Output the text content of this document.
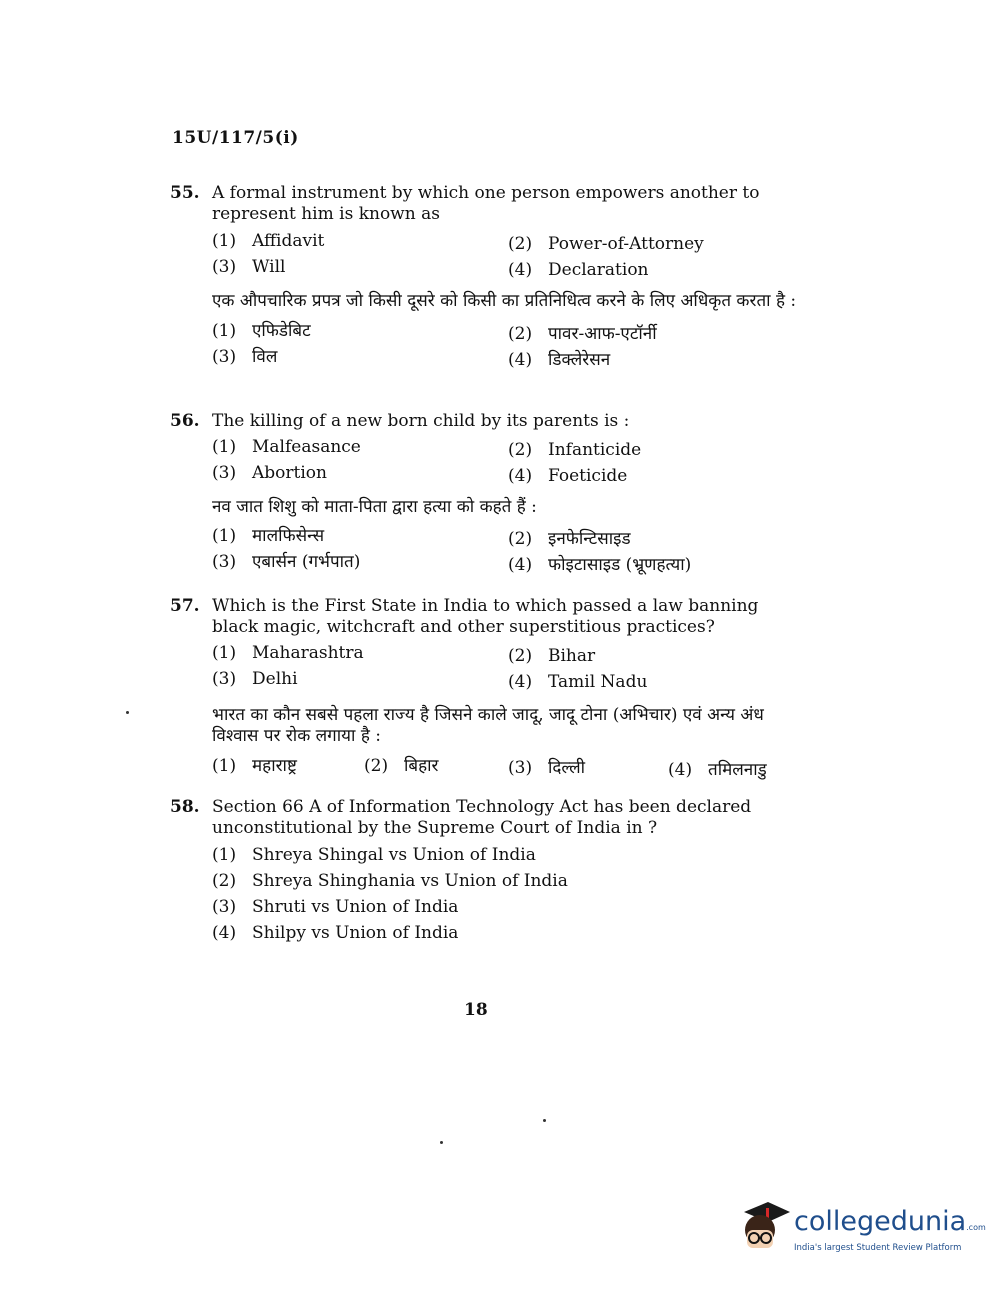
15U/117/5(i)
55. A formal instrument by which one person empowers another to represent him is known as
(1) Affidavit	(2) Power-of-Attorney
(3) Will	(4) Declaration
एक औपचारिक प्रपत्र जो किसी दूसरे को किसी का प्रतिनिधित्व करने के लिए अधिकृत करता है :
(1) एफिडेबिट	(2) पावर-आफ-एटॉर्नी
(3) विल	(4) डिक्लेरेसन
56. The killing of a new born child by its parents is :
(1) Malfeasance	(2) Infanticide
(3) Abortion	(4) Foeticide
नव जात शिशु को माता-पिता द्वारा हत्या को कहते हैं :
(1) मालफिसेन्स	(2) इनफेन्टिसाइड
(3) एबार्सन (गर्भपात)	(4) फोइटासाइड (भ्रूणहत्या)
57. Which is the First State in India to which passed a law banning black magic, witchcraft and other superstitious practices?
(1) Maharashtra	(2) Bihar
(3) Delhi	(4) Tamil Nadu
भारत का कौन सबसे पहला राज्य है जिसने काले जादू, जादू टोना (अभिचार) एवं अन्य अंध विश्वास पर रोक लगाया है :
(1) महाराष्ट्र	(2) बिहार	(3) दिल्ली	(4) तमिलनाडु
58. Section 66 A of Information Technology Act has been declared unconstitutional by the Supreme Court of India in ?
(1) Shreya Shingal vs Union of India
(2) Shreya Shinghania vs Union of India
(3) Shruti vs Union of India
(4) Shilpy vs Union of India
18
collegedunia.com
India's largest Student Review Platform
